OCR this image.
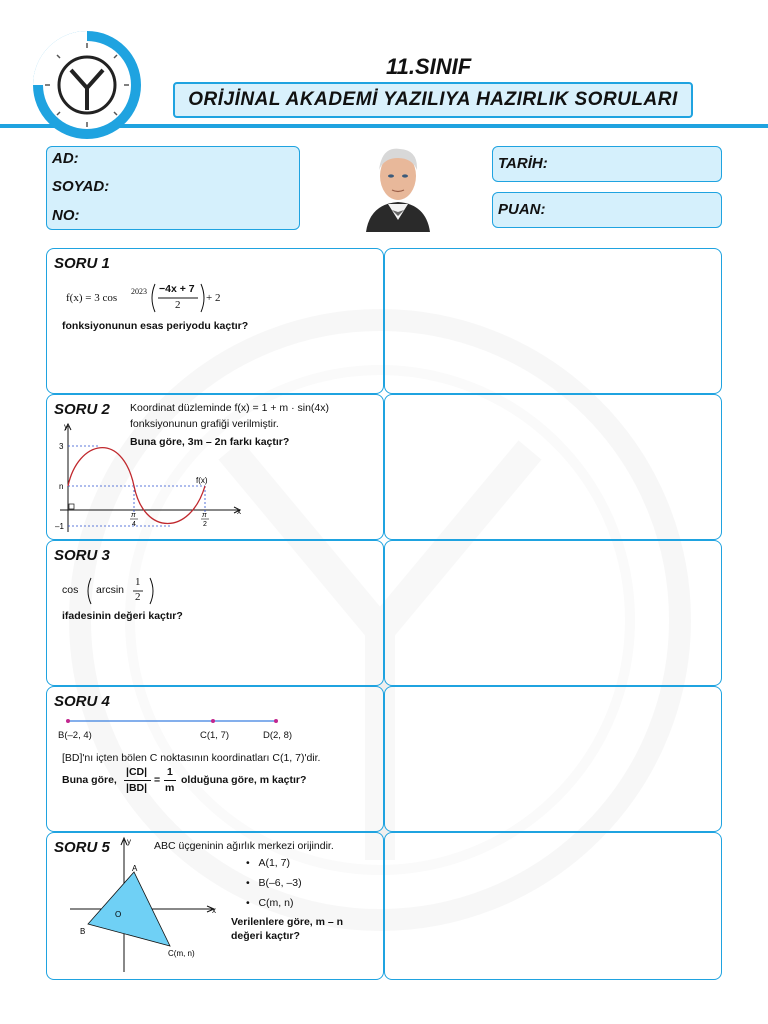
11.SINIF
ORİJİNAL AKADEMİ YAZILIYA HAZIRLIK SORULARI
AD:
SOYAD:
NO:
TARİH:
PUAN:
SORU 1
f(x) = 3 cos
2023 −4x + 7
2
+ 2
fonksiyonunun esas periyodu kaçtır?
SORU 2 Koordinat düzleminde f(x) = 1 + m · sin(4x)
fonksiyonunun grafiği verilmiştir.
Buna göre, 3m – 2n farkı kaçtır?
y
x
f(x)
3
n
–1
π
4
π
2
SORU 3
cos arcsin
1
2
ifadesinin değeri kaçtır?
SORU 4
B(–2, 4)	C(1, 7)	D(2, 8)
[BD]'nı içten bölen C noktasının koordinatları C(1, 7)'dir.
Buna göre,
|CD|
|BD|
=
1
m
olduğuna göre, m kaçtır?
SORU 5	ABC üçgeninin ağırlık merkezi orijindir.
•   A(1, 7)
•   B(–6, –3)
•   C(m, n)
Verilenlere göre, m – n
değeri kaçtır?
y
x
A
B
O
C(m, n)
